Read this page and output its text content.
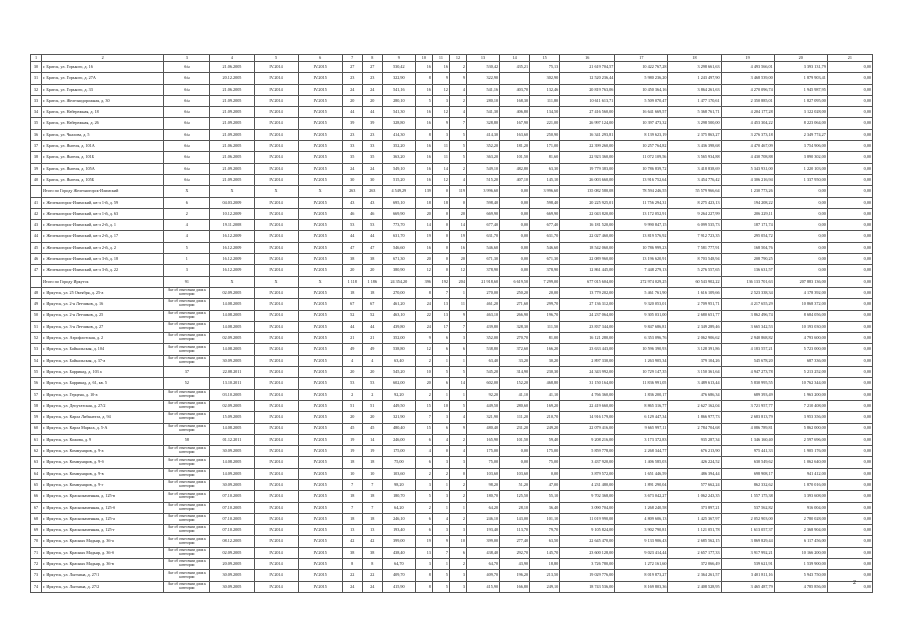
1	2	3	4	5	6	7	8	9	10	11	12	13	14	15	16	17	18	19	20	21
30	г. Братск, ул. Горького, д. 16	б/н	21.06.2005	IV.2014	IV.2015	27	27	530,42	16	16	2	530,42	435,21	75,13	21 619 704,57	10 422 767,28	3 298 661,63	4 493 566,01	3 393 131,79	0,00
31	г. Братск, ул. Горького, д. 27А	б/н	20.12.2005	IV.2014	IV.2015	23	23	322,90	8	9	9	322,90		302,90	12 520 236,44	5 980 236,20	1 243 497,90	3 468 539,00	1 879 903,41	0,00
32	г. Братск, ул. Горького, д. 33	б/н	21.06.2005	IV.2014	IV.2015	24	24	541,16	16	12	4	541,16	403,70	132,46	20 819 763,06	10 450 364,16	3 864 261,63	4 270 096,74	1 945 987,95	0,00
33	г. Братск, ул. Железнодорожная, д. 30	б/н	21.09.2005	IV.2014	IV.2015	20	20	280,10	5	3	2	280,10	168,30	111,80	10 611 613,71	5 509 070,47	1 477 170,61	2 350 885,01	1 827 095,00	0,00
34	г. Братск, ул. Набережная, д. 18	б/н	21.09.2005	IV.2014	IV.2015	44	44	541,30	16	12	4	541,30	406,80	134,50	27 416 560,00	16 641 669,57	5 368 761,71	4 204 177,28	3 122 028,00	0,00
35	г. Братск, ул. Набережная, д. 26	б/н	21.09.2005	IV.2014	IV.2015	39	39	328,80	16	9	7	328,80	167,90	221,00	26 997 124,00	10 397 473,32	3 298 500,00	4 453 304,22	8 223 064,00	0,00
36	г. Братск, ул. Чкалова, д. 5	б/н	21.09.2005	IV.2014	IV.2015	23	23	414,30	8	3	5	414,30	163,60	250,90	16 341 293,81	8 139 623,19	2 375 863,27	3 276 373,18	2 349 774,27	0,00
37	г. Братск, ул. Янгеля, д. 101А	б/н	21.06.2005	IV.2014	IV.2015	33	33	352,20	16	11	5	352,20	181,20	171,00	22 399 260,00	10 257 764,82	3 436 398,68	4 470 467,09	3 754 906,00	0,00
38	г. Братск, ул. Янгеля, д. 101Б	б/н	21.06.2005	IV.2014	IV.2015	35	35	363,20	16	11	5	363,20	101,50	81,60	22 923 360,00	11 072 109,56	3 565 934,88	4 430 708,88	3 890 302,00	0,00
39	г. Братск, ул. Янгеля, д. 105А	б/н	21.09.2005	IV.2014	IV.2015	24	24	549,10	16	14	2	549,10	482,80	63,30	19 779 383,00	10 786 839,72	3 418 838,69	5 343 931,00	1 220 103,00	0,00
40	г. Братск, ул. Янгеля, д. 105Б	б/н	21.09.2005	IV.2014	IV.2015	30	30	515,20	16	12	4	515,20	407,10	145,10	26 003 660,00	13 916 752,64	3 454 776,42	4 306 216,94	1 337 950,00	0,00
	Итого по Городу Железногорск-Илимский	X	X	X	X	263	263	4 549,29	139	0	119	3 996,60	0,00	3 996,60	135 082 580,08	78 594 246,55	55 579 966,64	1 230 773,26	0,00	0,00
41	г. Железногорск-Илимский, кв-л 1-й, д. 59	6	04.03.2009	IV.2014	IV.2015	43	43	695,10	18	18	0	598,40	0,00	598,40	20 225 925,01	11 756 294,31	8 275 423,13	194 208,22	0,00	0,00
42	г. Железногорск-Илимский, кв-л 1-й, д. 63	2	10.12.2009	IV.2014	IV.2015	46	46	669,90	20	0	20	669,90	0,00	669,90	22 043 820,00	13 172 052,91	9 264 227,99	206 229,11	0,00	0,00
43	г. Железногорск-Илимский, кв-л 2-й, д. 1	4	19.11.2008	IV.2014	IV.2015	53	53	773,70	14	0	14	677,40	0,00	677,40	16 181 520,00	9 990 847,15	6 099 535,73	187 171,74	0,00	0,00
44	г. Железногорск-Илимский, кв-л 2-й, д. 17	4	16.12.2009	IV.2014	IV.2015	44	44	631,70	19	0	19	631,70	0,00	631,70	22 027 460,00	13 819 576,92	7 912 723,35	295 054,72	0,00	0,00
45	г. Железногорск-Илимский, кв-л 2-й, д. 2	5	16.12.2009	IV.2014	IV.2015	47	47	546,60	16	0	16	546,60	0,00	546,60	18 542 060,00	10 786 999,23	7 581 777,91	168 504,76	0,00	0,00
46	г. Железногорск-Илимский, кв-л 3-й, д. 18	1	16.12.2009	IV.2014	IV.2015	38	38	671,30	20	0	20	671,30	0,00	671,30	22 089 960,00	13 196 620,91	8 703 548,94	208 790,25	0,00	0,00
47	г. Железногорск-Илимский, кв-л 3-й, д. 22	3	16.12.2009	IV.2014	IV.2015	20	20	380,90	12	0	12	378,90	0,00	378,90	12 861 445,00	7 448 279,13	5 276 557,65	136 631,57	0,00	0,00
	Итого по Городу Иркутск	91	X	X	X	1 118	1 186	24 354,20	396	192	204	21 918,60	6 619,50	7 299,00	677 015 604,00	272 974 029,25	60 543 902,22	136 133 701,63	207 883 136,00	0,00
48	г. Иркутск, ул. 25 Октября, д. 25-а	Акт об отнесении дома к категории	02.09.2005	IV.2014	IV.2015	18	18	270,00	8	7	1	270,00	250,20	20,00	13 779 202,00	5 461 761,90	1 616 109,66	2 523 338,34	4 178 392,00	0,00
49	г. Иркутск, ул. 2-я Летчиков, д. 16	Акт об отнесении дома к категории	14.08.2005	IV.2014	IV.2015	67	67	461,20	24	13	11	461,20	271,60	299,70	27 136 312,00	9 320 053,01	2 709 951,71	4 217 655,29	10 868 372,00	0,00
50	г. Иркутск, ул. 2-я Летчиков, д. 25	Акт об отнесении дома к категории	14.08.2005	IV.2014	IV.2015	52	52	463,10	22	13	9	463,10	266,90	196,70	24 237 064,00	9 305 031,00	2 680 651,77	3 862 496,74	8 684 056,00	0,00
51	г. Иркутск, ул. 3-я Летчиков, д. 27	Акт об отнесении дома к категории	14.08.2005	IV.2014	IV.2015	44	44	439,80	24	17	7	439,80	328,30	111,50	23 837 344,00	9 847 686,81	2 349 289,46	3 665 342,53	10 193 030,00	0,00
52	г. Иркутск, ул. Аэрофлотская, д. 2	Акт об отнесении дома к категории	02.09.2005	IV.2014	IV.2015	21	21	352,00	9	6	3	352,00	270,70	81,00	16 121 280,00	6 353 096,76	2 062 906,62	2 940 868,82	4 793 600,00	0,00
53	г. Иркутск, ул. Байкальская, д. 104	Акт об отнесении дома к категории	14.08.2005	IV.2014	IV.2015	49	49	538,80	12	6	6	538,80	372,60	166,20	23 633 443,00	10 596 390,93	3 128 391,86	4 183 557,21	5 723 000,00	0,00
54	г. Иркутск, ул. Байкальская, д. 37-а	Акт об отнесении дома к категории	30.09.2005	IV.2014	IV.2015	4	4	63,40	2	1	1	63,40	33,20	30,20	2 897 330,00	1 263 905,34	379 104,26	545 678,20	687 336,00	0,00
55	г. Иркутск, ул. Баррикад, д. 103 а	37	22.08.2011	IV.2014	IV.2015	20	20	545,20	10	5	5	545,20	314,90	230,30	24 343 992,00	10 729 147,35	3 150 361,64	4 947 273,78	5 213 252,00	0,00
56	г. Иркутск, ул. Баррикад, д. 61, кв. 5	52	13.10.2011	IV.2014	IV.2015	53	53	602,00	20	6	14	602,00	152,20	468,80	31 150 164,00	11 836 991,05	3 489 613,44	5 830 995,55	10 762 344,00	0,00
57	г. Иркутск, ул. Герцена, д. 10-а	Акт об отнесении дома к категории	03.10.2005	IV.2014	IV.2015	2	2	92,20	2	1	1	92,20	41,10	41,10	4 766 360,00	1 836 200,17	476 686,34	689 393,49	1 963 200,00	0,00
58	г. Иркутск, ул. Депутатская, д. 27/2	Акт об отнесении дома к категории	02.09.2005	IV.2014	IV.2015	51	51	449,50	15	10	5	449,50	280,60	169,20	22 419 660,00	8 865 316,77	2 627 162,04	3 721 957,77	7 210 408,00	0,00
59	г. Иркутск, ул. Карла Либкнехта, д. 94	Акт об отнесении дома к категории	15.09.2005	IV.2014	IV.2015	20	20	321,90	7	3	4	321,90	111,20	210,70	14 916 179,00	6 129 447,34	1 866 977,73	2 683 813,79	3 953 356,00	0,00
60	г. Иркутск, ул. Карла Маркса, д. 5-А	Акт об отнесении дома к категории	14.08.2005	IV.2014	IV.2015	45	45	480,40	15	6	9	480,40	231,20	249,20	22 079 416,00	9 665 997,11	2 784 704,68	4 086 789,81	5 862 000,00	0,00
61	г. Иркутск, ул. Кожова, д. 9	58	01.12.2011	IV.2014	IV.2015	19	14	246,00	6	4	2	165,90	101,50	59,40	9 208 216,00	3 173 372,83	935 287,34	1 346 160,40	2 597 696,00	0,00
62	г. Иркутск, ул. Коммунаров, д. 9-а	Акт об отнесении дома к категории	30.09.2005	IV.2014	IV.2015	19	19	175,00	4	0	4	175,00	0,00	175,00	5 859 778,00	2 268 344,77	676 213,90	975 441,33	1 905 176,00	0,00
63	г. Иркутск, ул. Коммунаров, д. 9-б	Акт об отнесении дома к категории	14.08.2005	IV.2014	IV.2015	18	18	75,00	6	3	3	75,00	0,00	75,00	3 437 920,00	1 406 585,03	426 224,52	630 549,62	1 062 640,00	0,00
64	г. Иркутск, ул. Коммунаров, д. 9-в	Акт об отнесении дома к категории	14.09.2005	IV.2014	IV.2015	10	10	103,60	2	2	0	103,60	103,60	0,00	3 879 572,00	1 651 446,59	486 394,44	698 908,17	941 412,00	0,00
65	г. Иркутск, ул. Коммунаров, д. 9-г	Акт об отнесении дома к категории	30.09.2005	IV.2014	IV.2015	7	7	98,20	3	1	2	98,20	51,20	47,00	4 231 480,00	1 891 290,04	577 662,24	862 332,62	1 870 016,00	0,00
66	г. Иркутск, ул. Краснокаменная, д. 125-в	Акт об отнесении дома к категории	07.10.2005	IV.2014	IV.2015	18	18	180,70	5	3	2	180,70	125,50	55,10	9 702 368,00	3 673 042,27	1 062 243,35	1 557 175,38	3 393 608,00	0,00
67	г. Иркутск, ул. Краснокаменная, д. 125-б	Акт об отнесении дома к категории	07.10.2005	IV.2014	IV.2015	7	7	64,20	2	1	1	64,20	28,10	36,40	3 090 704,00	1 268 240,58	373 897,21	537 562,82	916 004,00	0,00
68	г. Иркутск, ул. Краснокаменная, д. 125-а	Акт об отнесении дома к категории	07.10.2005	IV.2014	IV.2015	18	18	246,10	6	4	2	246,10	143,00	101,10	11 019 990,00	4 809 606,13	1 425 367,97	2 052 903,00	2 780 028,00	0,00
69	г. Иркутск, ул. Краснокаменная, д. 125-г	Акт об отнесении дома к категории	07.10.2005	IV.2014	IV.2015	13	13	193,40	6	3	3	193,40	113,70	79,70	9 105 824,00	3 902 790,81	1 121 051,78	1 613 057,37	2 368 904,00	0,00
70	г. Иркутск, ул. Красных Мадьяр, д. 36-а	Акт об отнесении дома к категории	08.12.2005	IV.2014	IV.2015	42	42	399,00	19	9	10	399,00	277,40	63,50	22 645 470,00	9 133 906,43	2 685 562,15	3 869 829,44	6 117 456,00	0,00
71	г. Иркутск, ул. Красных Мадьяр, д. 36-б	Акт об отнесении дома к категории	02.09.2005	IV.2014	IV.2015	38	38	438,40	13	7	6	438,40	292,70	145,70	23 600 128,00	9 023 414,44	2 657 177,33	3 917 992,21	10 166 200,00	0,00
72	г. Иркутск, ул. Красных Мадьяр, д. 36-в	Акт об отнесении дома к категории	20.09.2005	IV.2014	IV.2015	8	8	64,70	3	1	2	64,70	43,90	18,80	3 726 780,00	1 272 161,60	372 066,49	539 621,91	1 539 900,00	0,00
73	г. Иркутск, ул. Лытхина, д. 27/1	Акт об отнесении дома к категории	30.09.2005	IV.2014	IV.2015	22	22	409,70	8	5	3	409,70	196,20	213,50	19 029 776,00	8 019 873,27	2 364 261,57	3 401 811,16	5 943 750,00	0,00
74	г. Иркутск, ул. Лытхина, д. 27/2	Акт об отнесении дома к категории	30.09.2005	IV.2014	IV.2015	24	24	415,90	8	5	3	415,90	166,80	249,10	18 743 536,00	8 169 803,36	2 408 528,95	3 465 487,79	4 785 856,00	0,00
2
